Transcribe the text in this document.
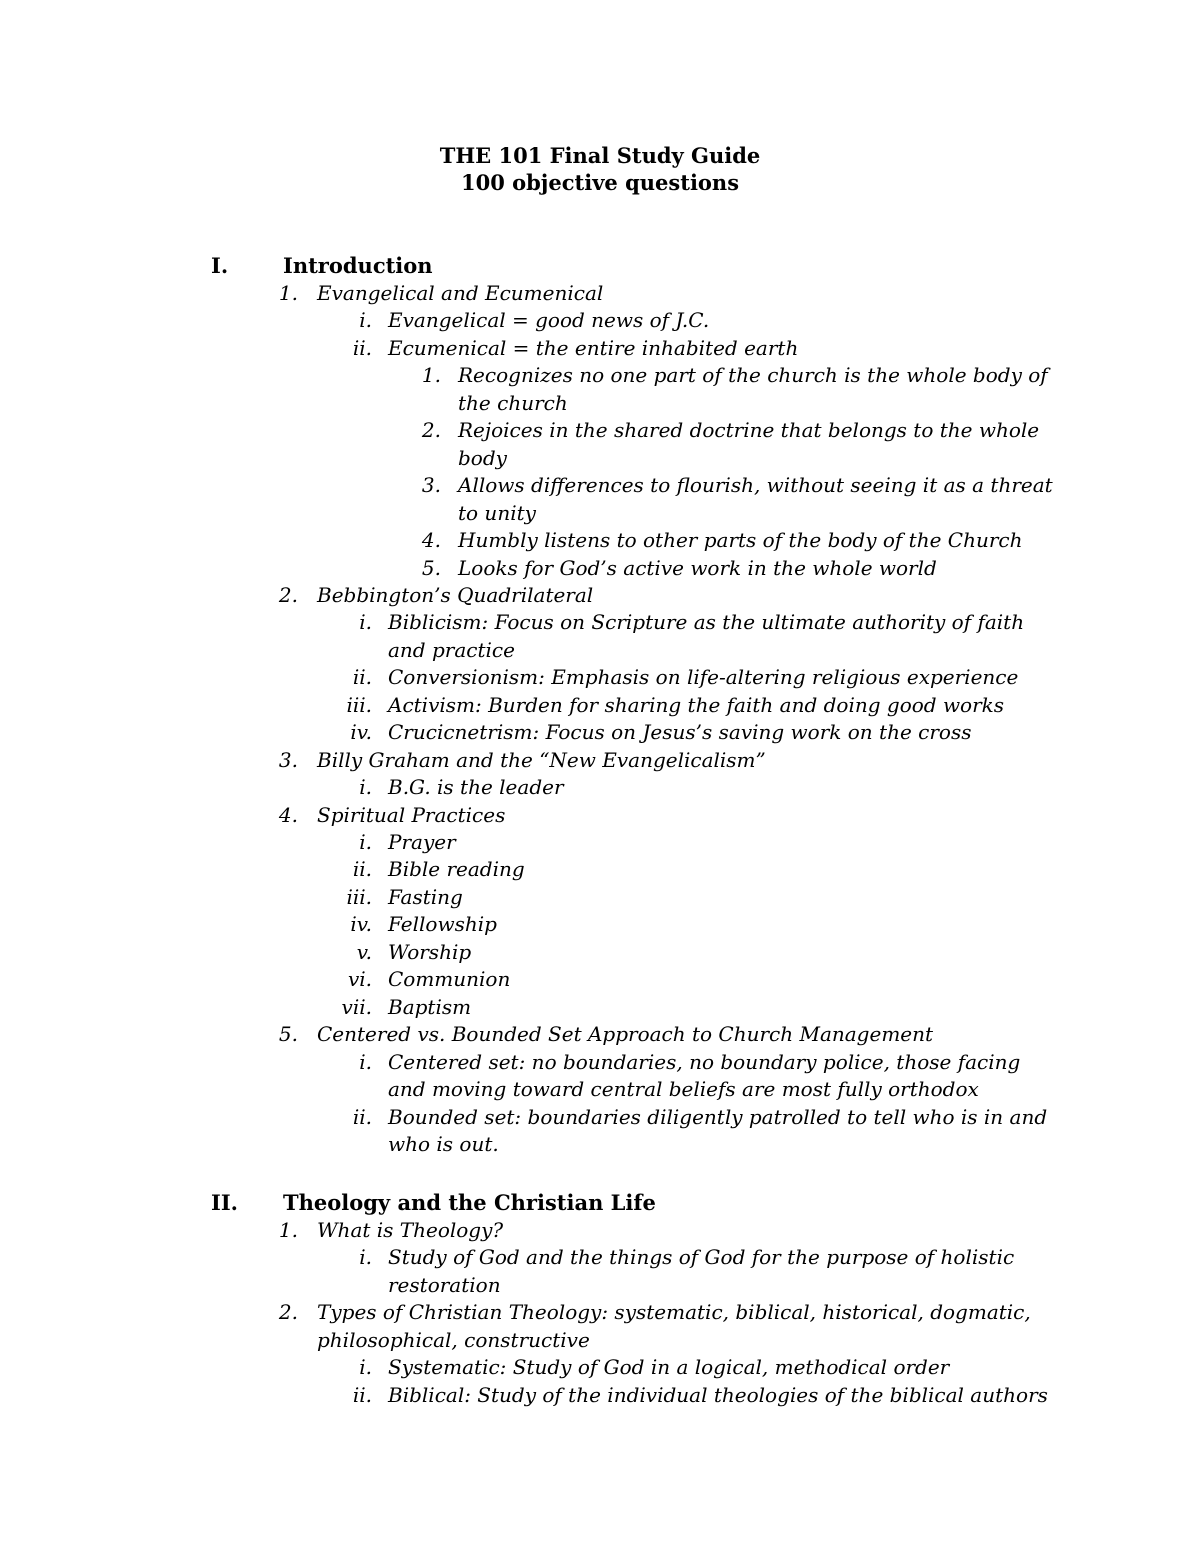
THE 101 Final Study Guide
100 objective questions
I.	Introduction
1. Evangelical and Ecumenical
i. Evangelical = good news of J.C.
ii. Ecumenical = the entire inhabited earth
1. Recognizes no one part of the church is the whole body of
the church
2. Rejoices in the shared doctrine that belongs to the whole
body
3. Allows differences to flourish, without seeing it as a threat
to unity
4. Humbly listens to other parts of the body of the Church
5. Looks for God’s active work in the whole world
2. Bebbington’s Quadrilateral
i. Biblicism: Focus on Scripture as the ultimate authority of faith
and practice
ii. Conversionism: Emphasis on life-altering religious experience
iii. Activism: Burden for sharing the faith and doing good works
iv. Crucicnetrism: Focus on Jesus’s saving work on the cross
3. Billy Graham and the “New Evangelicalism”
i. B.G. is the leader
4. Spiritual Practices
i. Prayer
ii. Bible reading
iii. Fasting
iv. Fellowship
v. Worship
vi. Communion
vii. Baptism
5. Centered vs. Bounded Set Approach to Church Management
i. Centered set: no boundaries, no boundary police, those facing
and moving toward central beliefs are most fully orthodox
ii. Bounded set: boundaries diligently patrolled to tell who is in and
who is out.
II. Theology and the Christian Life
1. What is Theology?
i. Study of God and the things of God for the purpose of holistic
restoration
2. Types of Christian Theology: systematic, biblical, historical, dogmatic,
philosophical, constructive
i. Systematic: Study of God in a logical, methodical order
ii. Biblical: Study of the individual theologies of the biblical authors
